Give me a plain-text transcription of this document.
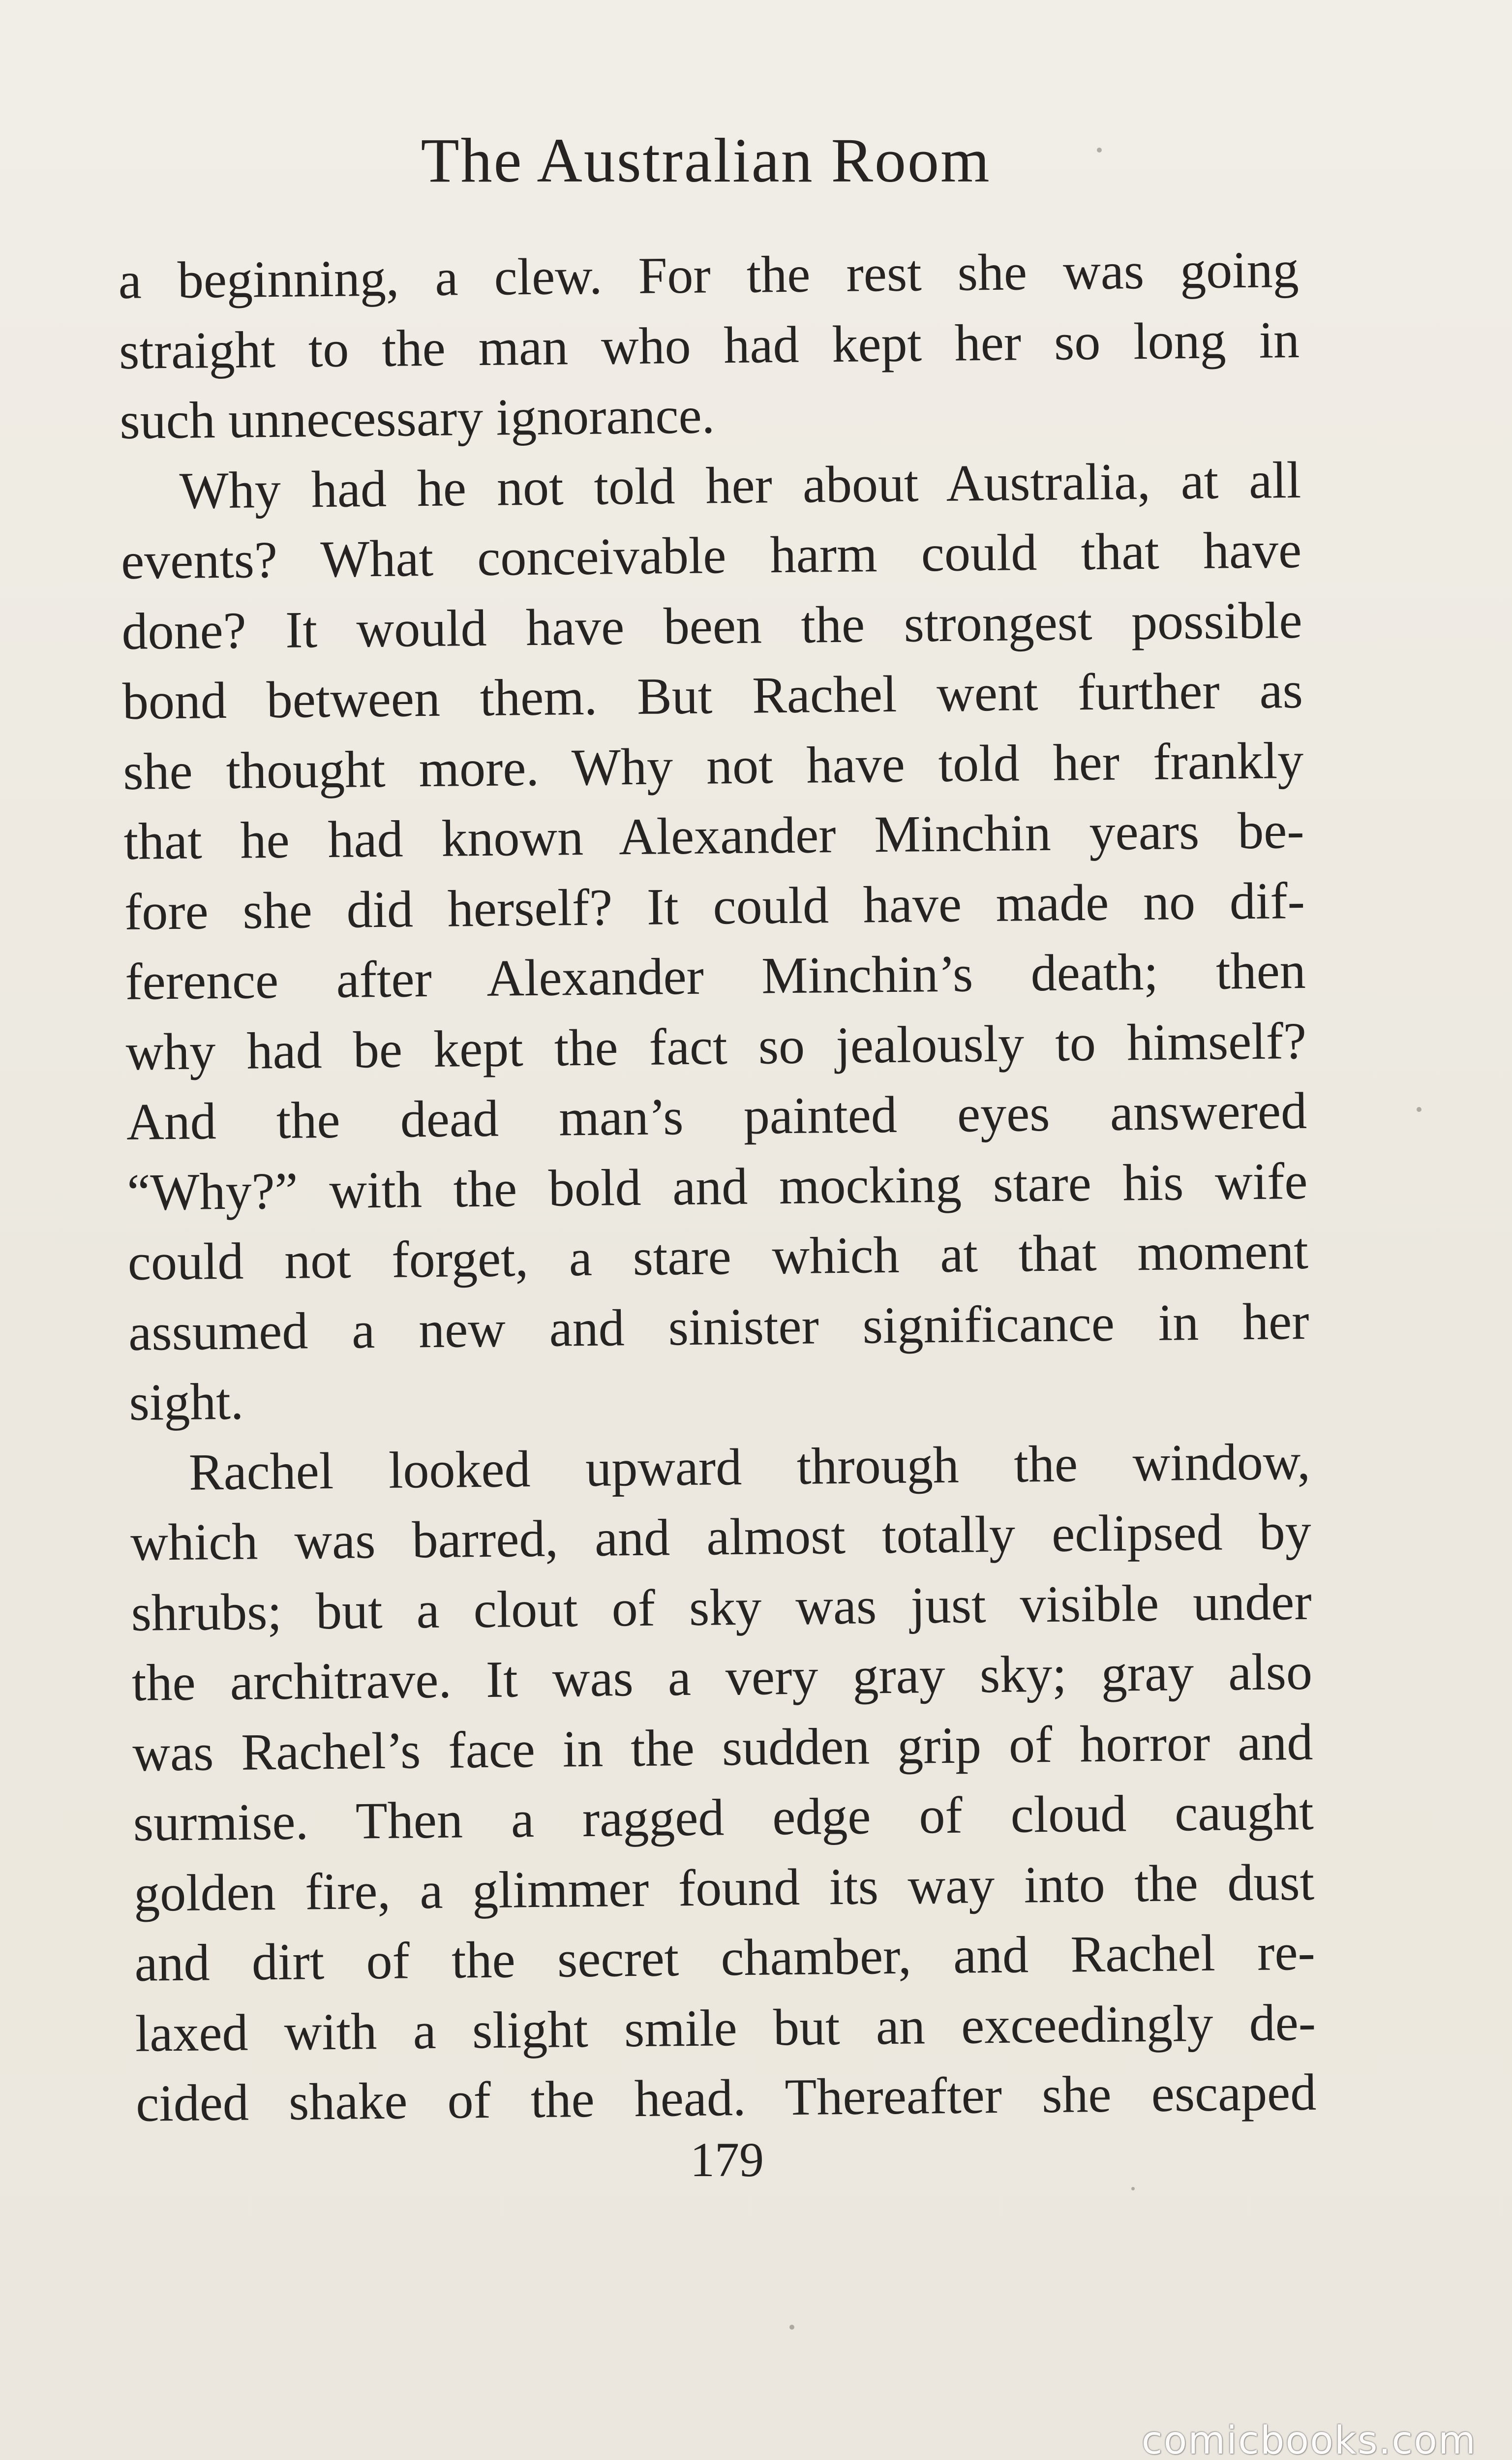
The Australian Room

a beginning, a clew. For the rest she was going
straight to the man who had kept her so long in
such unnecessary ignorance.

Why had he not told her about Australia, at all
events? What conceivable harm could that have
done? It would have been the strongest possible
bond between them. But Rachel went further as
she thought more. Why not have told her frankly
that he had known Alexander Minchin years be-
fore she did herself? It could have made no dif-
ference after Alexander Minchin’s death; then
why had be kept the fact so jealously to himself?
And the dead man’s painted eyes answered
“Why?” with the bold and mocking stare his wife
could not forget, a stare which at that moment
assumed a new and sinister significance in her
sight.

Rachel looked upward through the window,
which was barred, and almost totally eclipsed by
shrubs; but a clout of sky was just visible under
the architrave. It was a very gray sky; gray also
was Rachel’s face in the sudden grip of horror and
surmise. Then a ragged edge of cloud caught
golden fire, a glimmer found its way into the dust
and dirt of the secret chamber, and Rachel re-
laxed with a slight smile but an exceedingly de-
cided shake of the head. Thereafter she escaped

179
comicbooks.com
